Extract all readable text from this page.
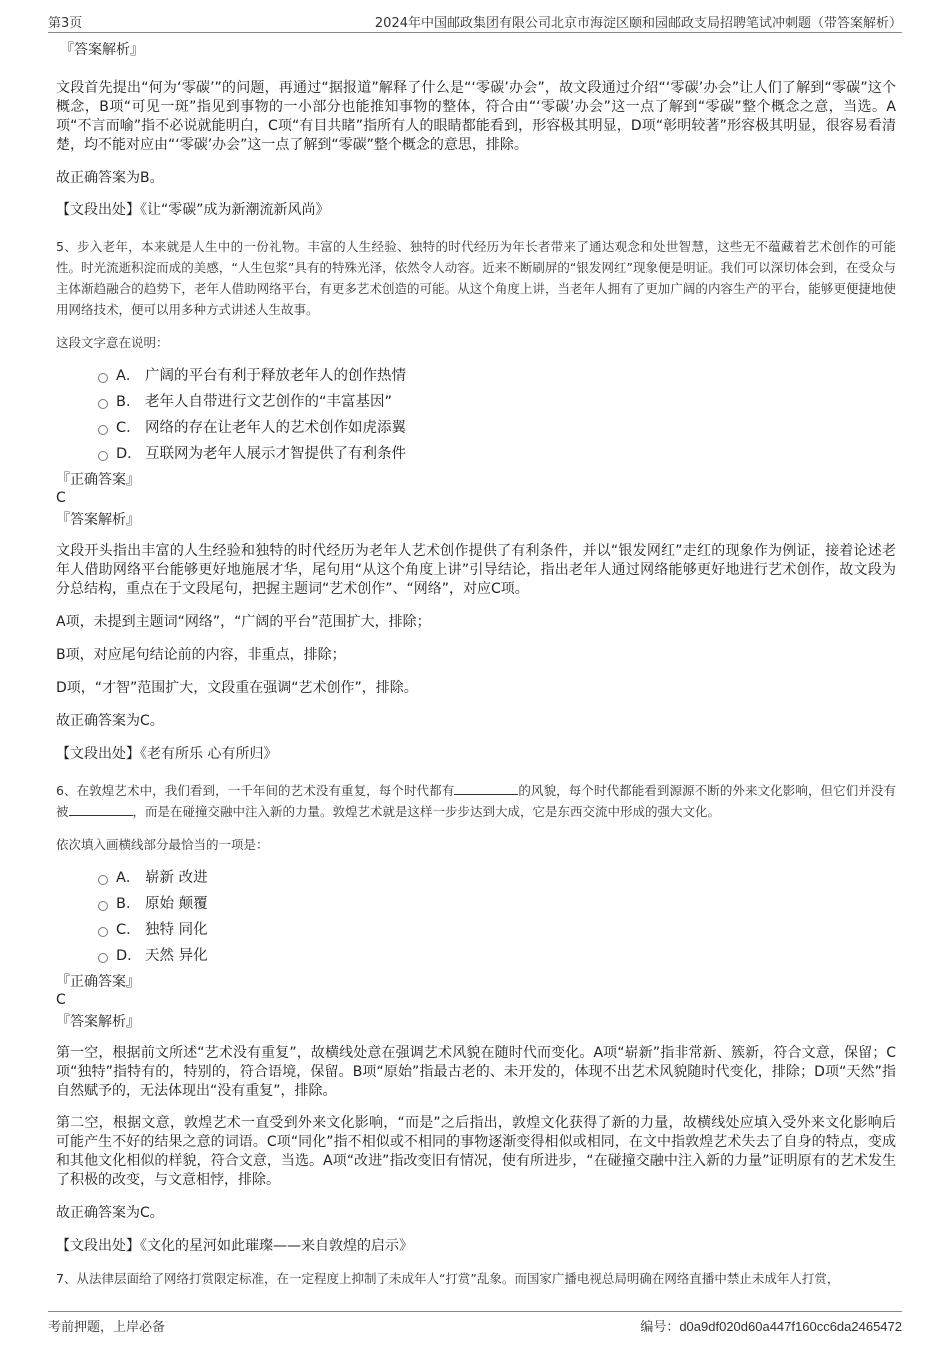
第3页	2024年中国邮政集团有限公司北京市海淀区颐和园邮政支局招聘笔试冲刺题（带答案解析）

『答案解析』

文段首先提出“何为‘零碳’”的问题，再通过“据报道”解释了什么是“‘零碳’办会”，故文段通过介绍“‘零碳’办会”让人们了解到“零碳”这个概念，B项“可见一斑”指见到事物的一小部分也能推知事物的整体，符合由“‘零碳’办会”这一点了解到“零碳”整个概念之意，当选。A项“不言而喻”指不必说就能明白，C项“有目共睹”指所有人的眼睛都能看到，形容极其明显，D项“彰明较著”形容极其明显，很容易看清楚，均不能对应由“‘零碳’办会”这一点了解到“零碳”整个概念的意思，排除。

故正确答案为B。

【文段出处】《让“零碳”成为新潮流新风尚》

5、步入老年，本来就是人生中的一份礼物。丰富的人生经验、独特的时代经历为年长者带来了通达观念和处世智慧，这些无不蕴藏着艺术创作的可能性。时光流逝积淀而成的美感，“人生包浆”具有的特殊光泽，依然令人动容。近来不断刷屏的“银发网红”现象便是明证。我们可以深切体会到，在受众与主体渐趋融合的趋势下，老年人借助网络平台，有更多艺术创造的可能。从这个角度上讲，当老年人拥有了更加广阔的内容生产的平台，能够更便捷地使用网络技术，便可以用多种方式讲述人生故事。

这段文字意在说明：

A． 广阔的平台有利于释放老年人的创作热情
B． 老年人自带进行文艺创作的“丰富基因”
C． 网络的存在让老年人的艺术创作如虎添翼
D． 互联网为老年人展示才智提供了有利条件

『正确答案』

C

『答案解析』

文段开头指出丰富的人生经验和独特的时代经历为老年人艺术创作提供了有利条件，并以“银发网红”走红的现象作为例证，接着论述老年人借助网络平台能够更好地施展才华，尾句用“从这个角度上讲”引导结论，指出老年人通过网络能够更好地进行艺术创作，故文段为分总结构，重点在于文段尾句，把握主题词“艺术创作”、“网络”，对应C项。

A项，未提到主题词“网络”，“广阔的平台”范围扩大，排除；

B项，对应尾句结论前的内容，非重点，排除；

D项，“才智”范围扩大，文段重在强调“艺术创作”，排除。

故正确答案为C。

【文段出处】《老有所乐 心有所归》

6、在敦煌艺术中，我们看到，一千年间的艺术没有重复，每个时代都有	的风貌，每个时代都能看到源源不断的外来文化影响，但它们并没有被	，而是在碰撞交融中注入新的力量。敦煌艺术就是这样一步步达到大成，它是东西交流中形成的强大文化。

依次填入画横线部分最恰当的一项是：

A． 崭新 改进
B． 原始 颠覆
C． 独特 同化
D． 天然 异化

『正确答案』

C

『答案解析』

第一空，根据前文所述“艺术没有重复”，故横线处意在强调艺术风貌在随时代而变化。A项“崭新”指非常新、簇新，符合文意，保留；C项“独特”指特有的，特别的，符合语境，保留。B项“原始”指最古老的、未开发的，体现不出艺术风貌随时代变化，排除；D项“天然”指自然赋予的，无法体现出“没有重复”，排除。

第二空，根据文意，敦煌艺术一直受到外来文化影响，“而是”之后指出，敦煌文化获得了新的力量，故横线处应填入受外来文化影响后可能产生不好的结果之意的词语。C项“同化”指不相似或不相同的事物逐渐变得相似或相同，在文中指敦煌艺术失去了自身的特点，变成和其他文化相似的样貌，符合文意，当选。A项“改进”指改变旧有情况，使有所进步，“在碰撞交融中注入新的力量”证明原有的艺术发生了积极的改变，与文意相悖，排除。

故正确答案为C。

【文段出处】《文化的星河如此璀璨——来自敦煌的启示》

7、从法律层面给了网络打赏限定标准，在一定程度上抑制了未成年人“打赏”乱象。而国家广播电视总局明确在网络直播中禁止未成年人打赏，

考前押题，上岸必备	编号：d0a9df020d60a447f160cc6da2465472
